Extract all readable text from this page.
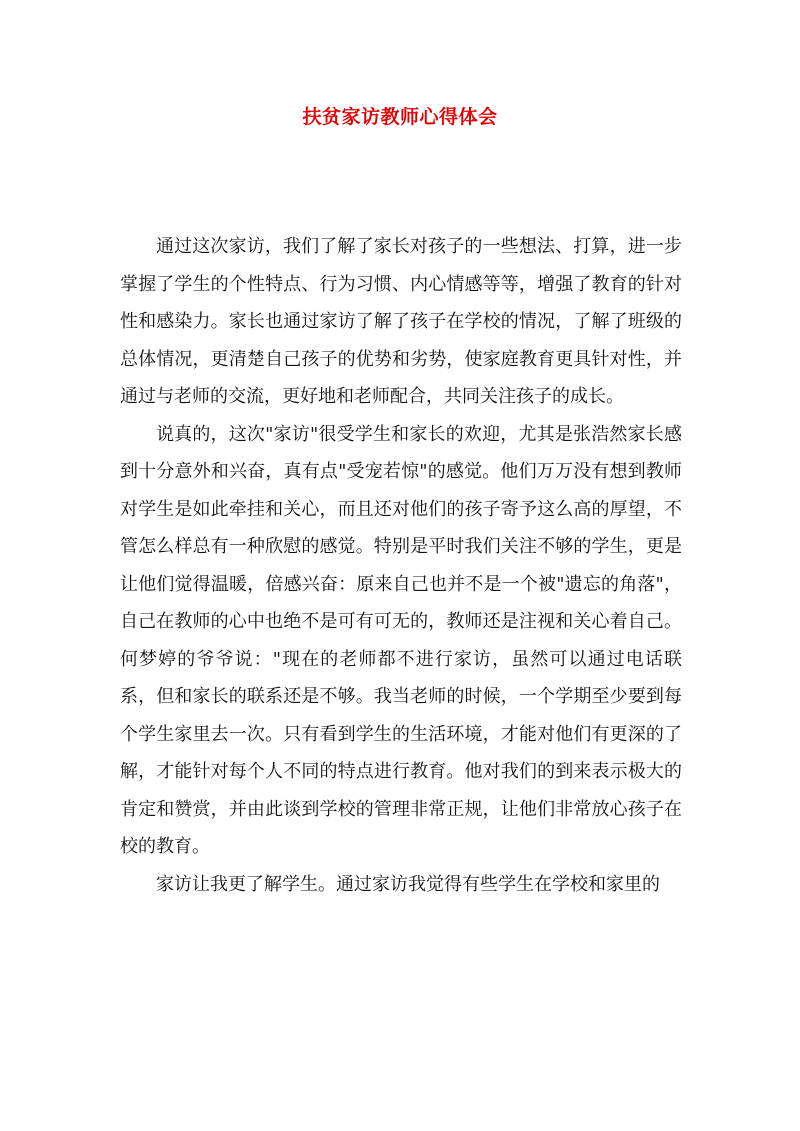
扶贫家访教师心得体会

通过这次家访，我们了解了家长对孩子的一些想法、打算，进一步掌握了学生的个性特点、行为习惯、内心情感等等，增强了教育的针对性和感染力。家长也通过家访了解了孩子在学校的情况，了解了班级的总体情况，更清楚自己孩子的优势和劣势，使家庭教育更具针对性，并通过与老师的交流，更好地和老师配合，共同关注孩子的成长。

说真的，这次"家访"很受学生和家长的欢迎，尤其是张浩然家长感到十分意外和兴奋，真有点"受宠若惊"的感觉。他们万万没有想到教师对学生是如此牵挂和关心，而且还对他们的孩子寄予这么高的厚望，不管怎么样总有一种欣慰的感觉。特别是平时我们关注不够的学生，更是让他们觉得温暖，倍感兴奋：原来自己也并不是一个被"遗忘的角落"，自己在教师的心中也绝不是可有可无的，教师还是注视和关心着自己。何梦婷的爷爷说："现在的老师都不进行家访，虽然可以通过电话联系，但和家长的联系还是不够。我当老师的时候，一个学期至少要到每个学生家里去一次。只有看到学生的生活环境，才能对他们有更深的了解，才能针对每个人不同的特点进行教育。他对我们的到来表示极大的肯定和赞赏，并由此谈到学校的管理非常正规，让他们非常放心孩子在校的教育。

家访让我更了解学生。通过家访我觉得有些学生在学校和家里的
